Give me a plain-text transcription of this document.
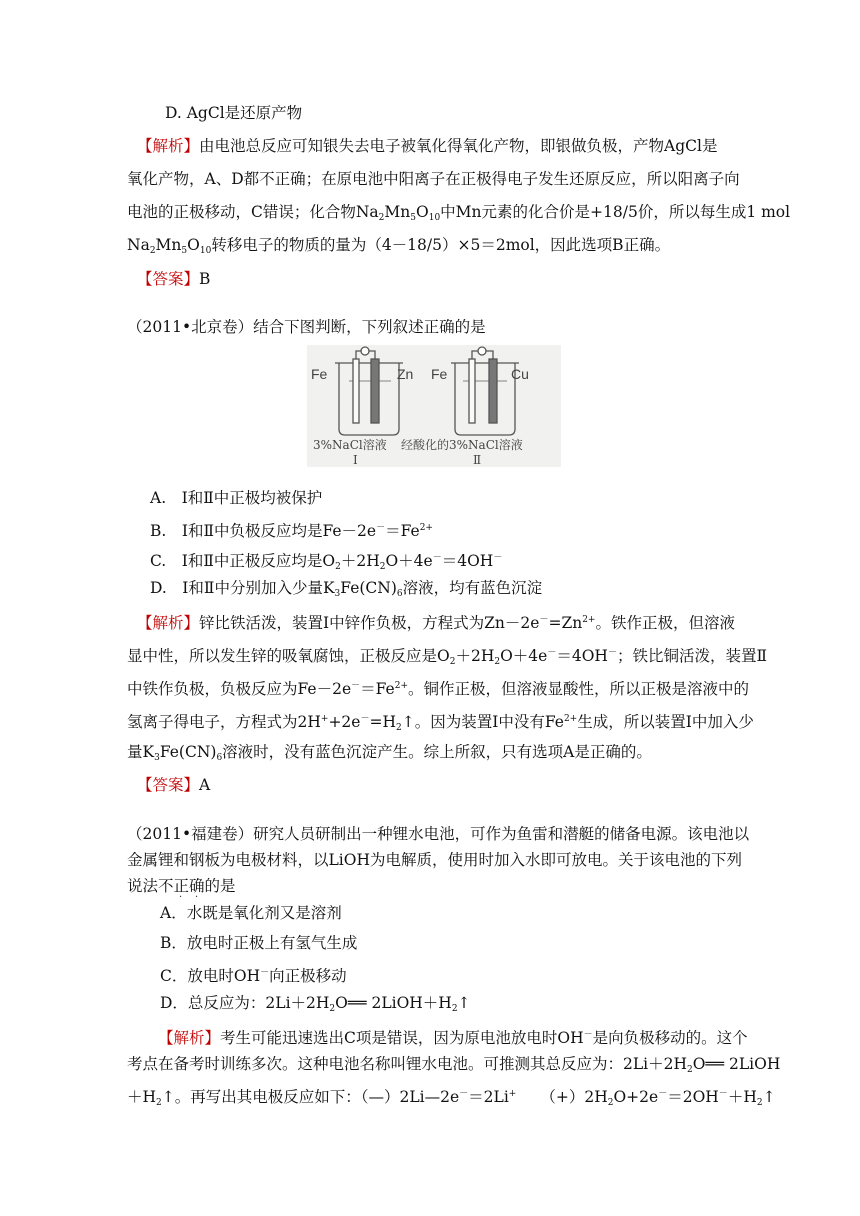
D. AgCl是还原产物
【解析】由电池总反应可知银失去电子被氧化得氧化产物，即银做负极，产物AgCl是
氧化产物，A、D都不正确；在原电池中阳离子在正极得电子发生还原反应，所以阳离子向
电池的正极移动，C错误；化合物$Na_2Mn_5O_{10}$中Mn元素的化合价是+18/5价，所以每生成1 mol
$Na_2Mn_5O_{10}$转移电子的物质的量为（4－18/5）×5＝2mol，因此选项B正确。
【答案】B
（2011•北京卷）结合下图判断，下列叙述正确的是
Fe	Zn Fe	Cu
3%NaCl溶液 经酸化的3%NaCl溶液
Ⅰ	Ⅱ
A.　Ⅰ和Ⅱ中正极均被保护
B.　Ⅰ和Ⅱ中负极反应均是$Fe-2e^-=Fe^{2+}$
C.　Ⅰ和Ⅱ中正极反应均是$O_2+2H_2O+4e^-=4OH^-$
D.　Ⅰ和Ⅱ中分别加入少量$K_3Fe(CN)_6$溶液，均有蓝色沉淀
【解析】锌比铁活泼，装置Ⅰ中锌作负极，方程式为$Zn-2e^-=Zn^{2+}$。铁作正极，但溶液
显中性，所以发生锌的吸氧腐蚀，正极反应是$O_2+2H_2O+4e^-=4OH^-$；铁比铜活泼，装置Ⅱ
中铁作负极，负极反应为$Fe-2e^-=Fe^{2+}$。铜作正极，但溶液显酸性，所以正极是溶液中的
氢离子得电子，方程式为$2H^++2e^-=H_2↑$。因为装置Ⅰ中没有$Fe^{2+}$生成，所以装置Ⅰ中加入少
量$K_3Fe(CN)_6$溶液时，没有蓝色沉淀产生。综上所叙，只有选项A是正确的。
【答案】A
（2011•福建卷）研究人员研制出一种锂水电池，可作为鱼雷和潜艇的储备电源。该电池以
金属锂和钢板为电极材料，以LiOH为电解质，使用时加入水即可放电。关于该电池的下列
说法不正确的是
· ·
A．水既是氧化剂又是溶剂
B．放电时正极上有氢气生成
C．放电时OH－向正极移动
D．总反应为：$2Li+2H_2O══$ $2LiOH+H_2↑$
【解析】考生可能迅速选出C项是错误，因为原电池放电时OH－是向负极移动的。这个
考点在备考时训练多次。这种电池名称叫锂水电池。可推测其总反应为：$2Li+2H_2O══$ 2LiOH
$+H_2↑$。再写出其电极反应如下：（—）2Li—2e－＝2Li+ $(+)2H_2O+2e^-=2OH^-+H_2↑$
